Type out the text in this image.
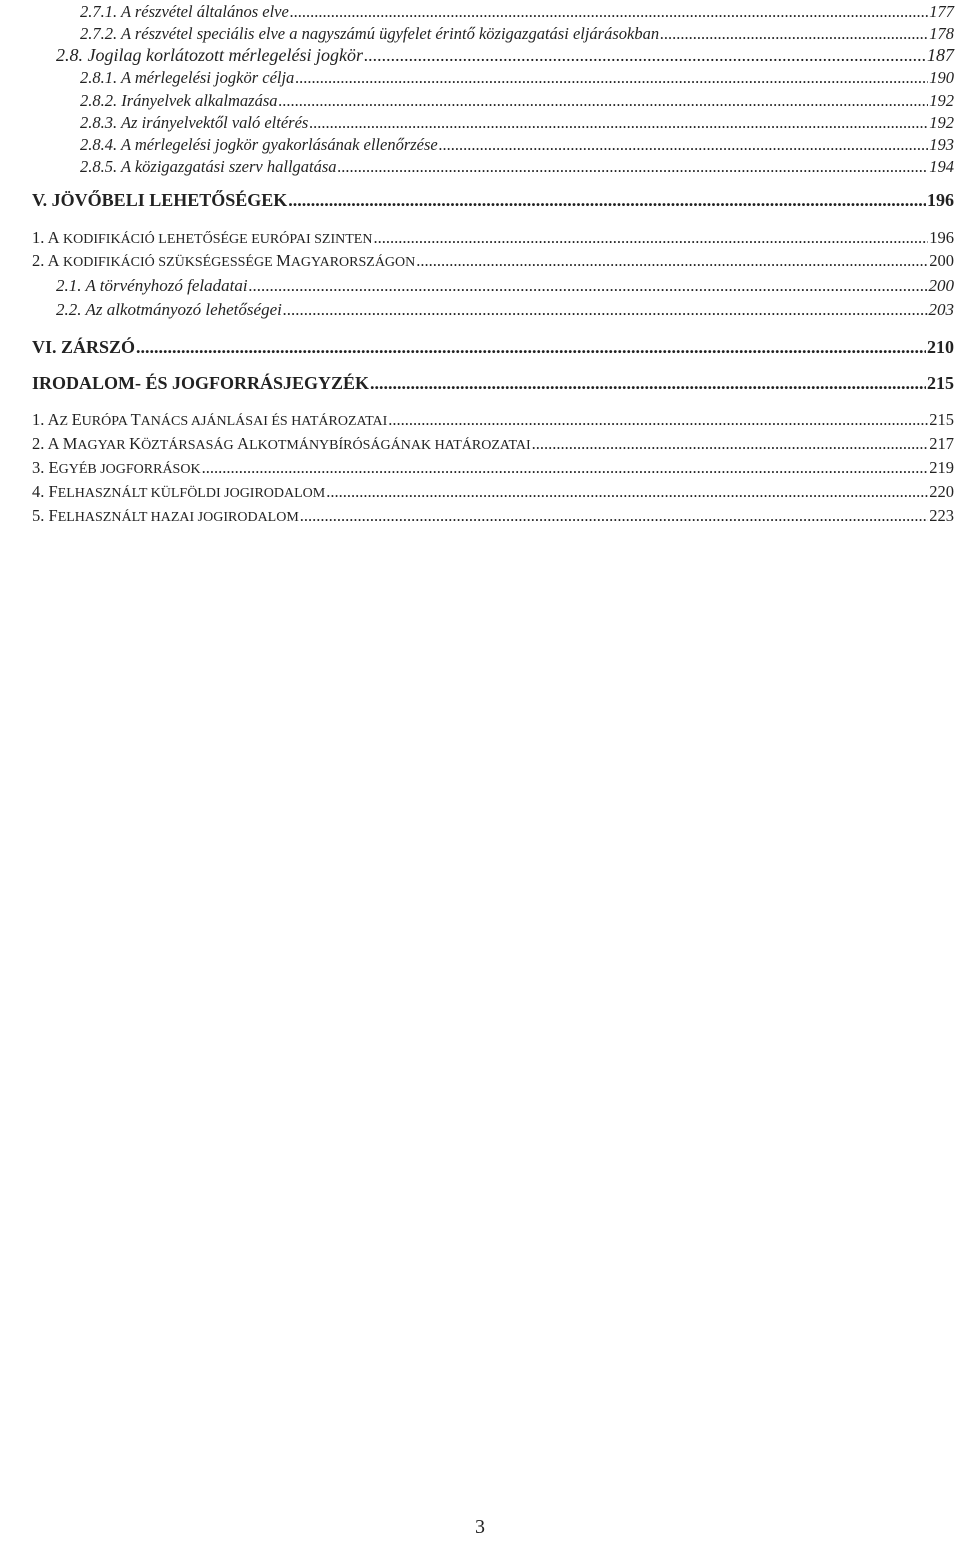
2.7.1. A részvétel általános elve .....	177
2.7.2. A részvétel speciális elve a nagyszámú ügyfelet érintő közigazgatási eljárásokban .....	178
2.8. Jogilag korlátozott mérlegelési jogkör .....	187
2.8.1. A mérlegelési jogkör célja .....	190
2.8.2. Irányelvek alkalmazása .....	192
2.8.3. Az irányelvektől való eltérés .....	192
2.8.4. A mérlegelési jogkör gyakorlásának ellenőrzése .....	193
2.8.5. A közigazgatási szerv hallgatása .....	194
V. JÖVŐBELI LEHETŐSÉGEK .....	196
1. A KODIFIKÁCIÓ LEHETŐSÉGE EURÓPAI SZINTEN .....	196
2. A KODIFIKÁCIÓ SZÜKSÉGESSÉGE MAGYARORSZÁGON .....	200
2.1. A törvényhozó feladatai .....	200
2.2. Az alkotmányozó lehetőségei .....	203
VI. ZÁRSZÓ .....	210
IRODALOM- ÉS JOGFORRÁSJEGYZÉK .....	215
1. AZ EURÓPA TANÁCS AJÁNLÁSAI ÉS HATÁROZATAI .....	215
2. A MAGYAR KÖZTÁRSASÁG ALKOTMÁNYBÍRÓSÁGÁNAK HATÁROZATAI .....	217
3. EGYÉB JOGFORRÁSOK .....	219
4. FELHASZNÁLT KÜLFÖLDI JOGIRODALOM .....	220
5. FELHASZNÁLT HAZAI JOGIRODALOM .....	223
3
